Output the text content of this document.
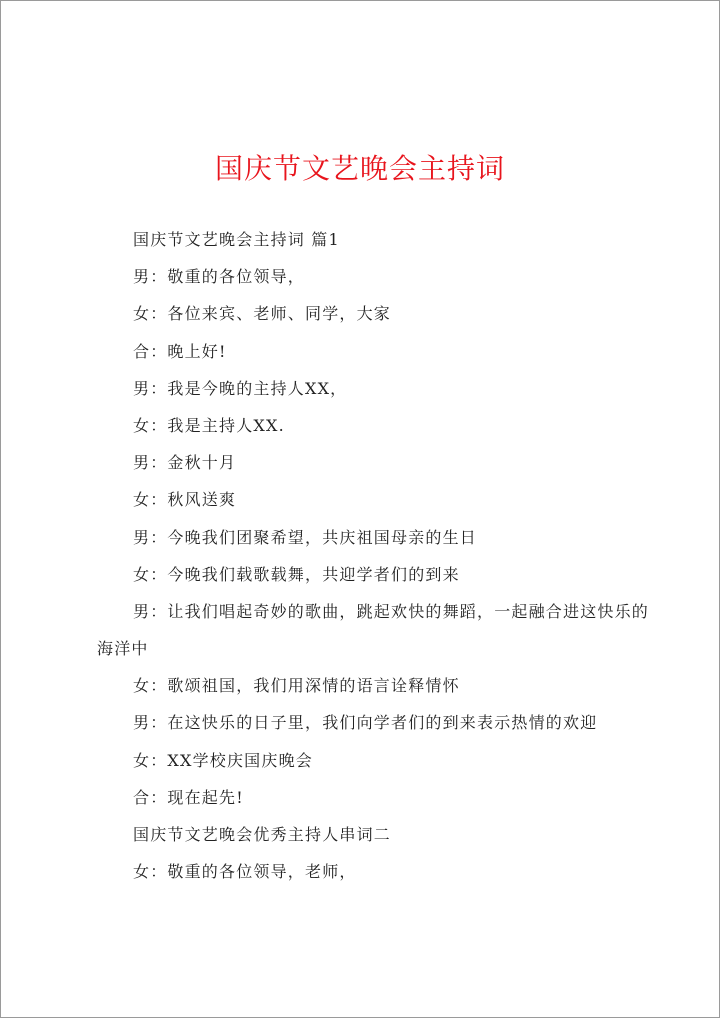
国庆节文艺晚会主持词
国庆节文艺晚会主持词 篇1
男：敬重的各位领导，
女：各位来宾、老师、同学，大家
合：晚上好!
男：我是今晚的主持人XX，
女：我是主持人XX.
男：金秋十月
女：秋风送爽
男：今晚我们团聚希望，共庆祖国母亲的生日
女：今晚我们载歌载舞，共迎学者们的到来
男：让我们唱起奇妙的歌曲，跳起欢快的舞蹈，一起融合进这快乐的
海洋中
女：歌颂祖国，我们用深情的语言诠释情怀
男：在这快乐的日子里，我们向学者们的到来表示热情的欢迎
女：XX学校庆国庆晚会
合：现在起先!
国庆节文艺晚会优秀主持人串词二
女：敬重的各位领导，老师，
